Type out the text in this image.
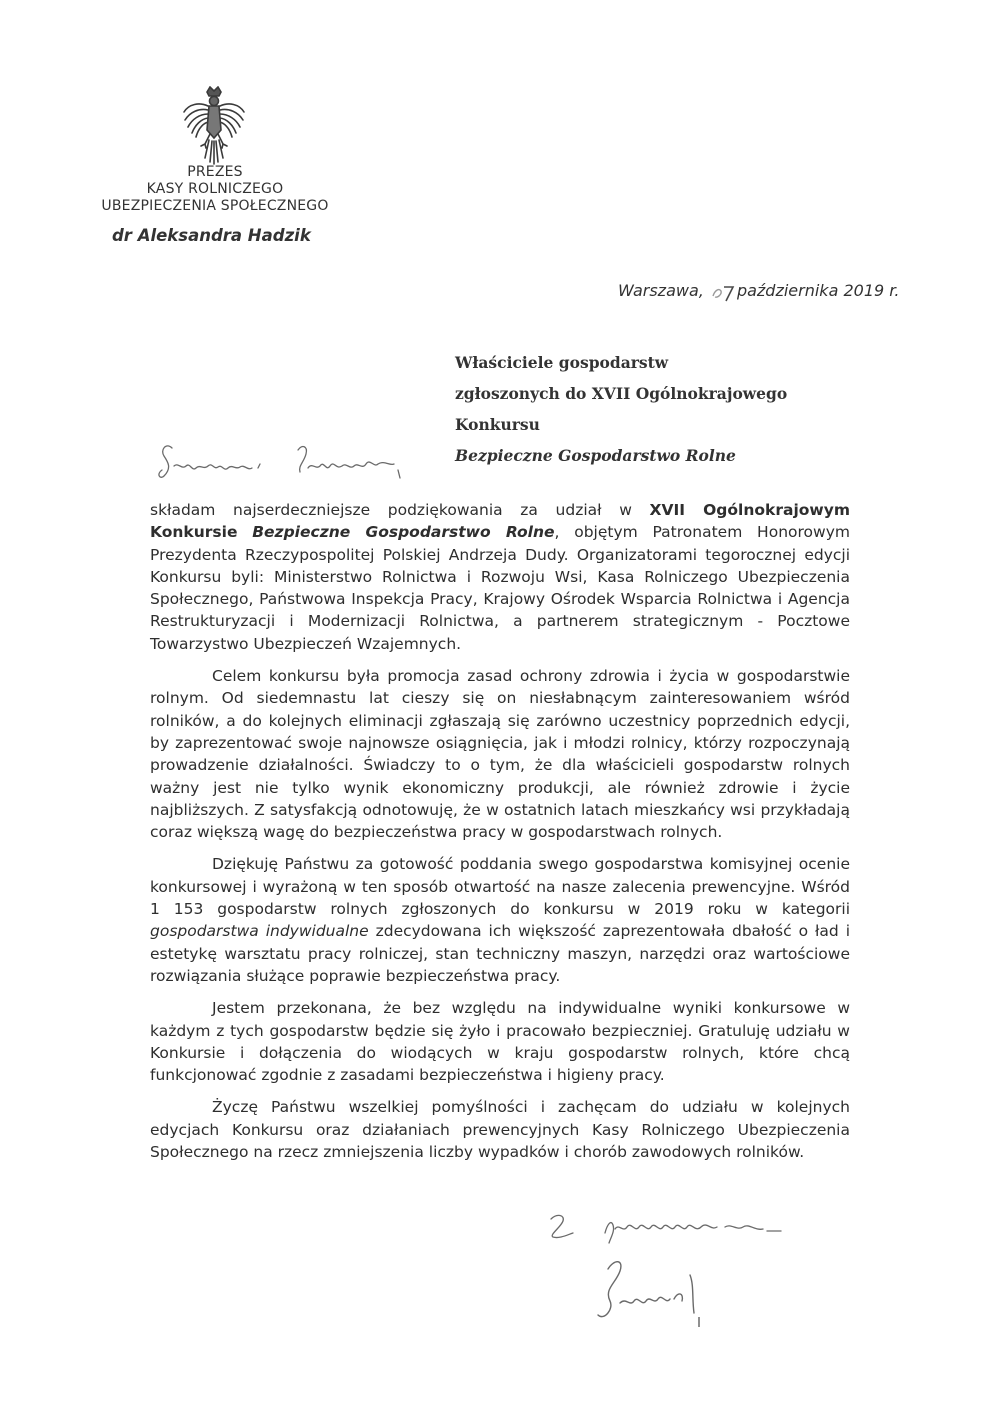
PREZES
KASY ROLNICZEGO
UBEZPIECZENIA SPOŁECZNEGO
dr Aleksandra Hadzik
Warszawa, października 2019 r.
Właściciele gospodarstw
zgłoszonych do XVII Ogólnokrajowego Konkursu
Bezpieczne Gospodarstwo Rolne

składam najserdeczniejsze podziękowania za udział w XVII Ogólnokrajowym Konkursie Bezpieczne Gospodarstwo Rolne, objętym Patronatem Honorowym Prezydenta Rzeczypospolitej Polskiej Andrzeja Dudy. Organizatorami tegorocznej edycji Konkursu byli: Ministerstwo Rolnictwa i Rozwoju Wsi, Kasa Rolniczego Ubezpieczenia Społecznego, Państwowa Inspekcja Pracy, Krajowy Ośrodek Wsparcia Rolnictwa i Agencja Restrukturyzacji i Modernizacji Rolnictwa, a partnerem strategicznym - Pocztowe Towarzystwo Ubezpieczeń Wzajemnych.

Celem konkursu była promocja zasad ochrony zdrowia i życia w gospodarstwie rolnym. Od siedemnastu lat cieszy się on niesłabnącym zainteresowaniem wśród rolników, a do kolejnych eliminacji zgłaszają się zarówno uczestnicy poprzednich edycji, by zaprezentować swoje najnowsze osiągnięcia, jak i młodzi rolnicy, którzy rozpoczynają prowadzenie działalności. Świadczy to o tym, że dla właścicieli gospodarstw rolnych ważny jest nie tylko wynik ekonomiczny produkcji, ale również zdrowie i życie najbliższych. Z satysfakcją odnotowuję, że w ostatnich latach mieszkańcy wsi przykładają coraz większą wagę do bezpieczeństwa pracy w gospodarstwach rolnych.

Dziękuję Państwu za gotowość poddania swego gospodarstwa komisyjnej ocenie konkursowej i wyrażoną w ten sposób otwartość na nasze zalecenia prewencyjne. Wśród 1 153 gospodarstw rolnych zgłoszonych do konkursu w 2019 roku w kategorii gospodarstwa indywidualne zdecydowana ich większość zaprezentowała dbałość o ład i estetykę warsztatu pracy rolniczej, stan techniczny maszyn, narzędzi oraz wartościowe rozwiązania służące poprawie bezpieczeństwa pracy.

Jestem przekonana, że bez względu na indywidualne wyniki konkursowe w każdym z tych gospodarstw będzie się żyło i pracowało bezpieczniej. Gratuluję udziału w Konkursie i dołączenia do wiodących w kraju gospodarstw rolnych, które chcą funkcjonować zgodnie z zasadami bezpieczeństwa i higieny pracy.

Życzę Państwu wszelkiej pomyślności i zachęcam do udziału w kolejnych edycjach Konkursu oraz działaniach prewencyjnych Kasy Rolniczego Ubezpieczenia Społecznego na rzecz zmniejszenia liczby wypadków i chorób zawodowych rolników.
